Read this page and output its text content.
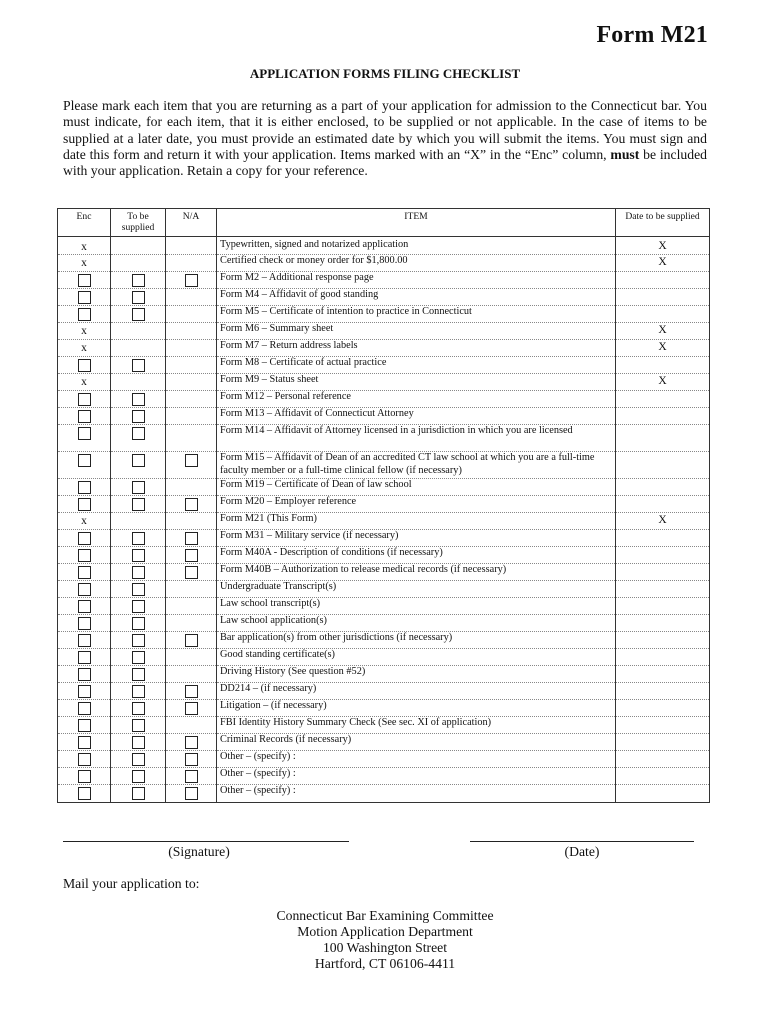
Form M21
APPLICATION FORMS FILING CHECKLIST

Please mark each item that you are returning as a part of your application for admission to the Connecticut bar. You must indicate, for each item, that it is either enclosed, to be supplied or not applicable. In the case of items to be supplied at a later date, you must provide an estimated date by which you will submit the items. You must sign and date this form and return it with your application. Items marked with an “X” in the “Enc” column, must be included with your application. Retain a copy for your reference.

Enc	To be supplied	N/A	ITEM	Date to be supplied
x			Typewritten, signed and notarized application	X
x			Certified check or money order for $1,800.00	X
			Form M2 – Additional response page	
			Form M4 – Affidavit of good standing	
			Form M5 – Certificate of intention to practice in Connecticut	
x			Form M6 – Summary sheet	X
x			Form M7 – Return address labels	X
			Form M8 – Certificate of actual practice	
x			Form M9 – Status sheet	X
			Form M12 – Personal reference	
			Form M13 – Affidavit of Connecticut Attorney	
			Form M14 – Affidavit of Attorney licensed in a jurisdiction in which you are licensed	
			Form M15 – Affidavit of Dean of an accredited CT law school at which you are a full-time faculty member or a full-time clinical fellow (if necessary)	
			Form M19 – Certificate of Dean of law school	
			Form M20 – Employer reference	
x			Form M21 (This Form)	X
			Form M31 – Military service (if necessary)	
			Form M40A - Description of conditions (if necessary)	
			Form M40B – Authorization to release medical records (if necessary)	
			Undergraduate Transcript(s)	
			Law school transcript(s)	
			Law school application(s)	
			Bar application(s) from other jurisdictions (if necessary)	
			Good standing certificate(s)	
			Driving History (See question #52)	
			DD214 – (if necessary)	
			Litigation – (if necessary)	
			FBI Identity History Summary Check (See sec. XI of application)	
			Criminal Records (if necessary)	
			Other – (specify) :	
			Other – (specify) :	
			Other – (specify) :	
(Signature)	(Date)
Mail your application to:
Connecticut Bar Examining Committee
Motion Application Department
100 Washington Street
Hartford, CT 06106-4411
